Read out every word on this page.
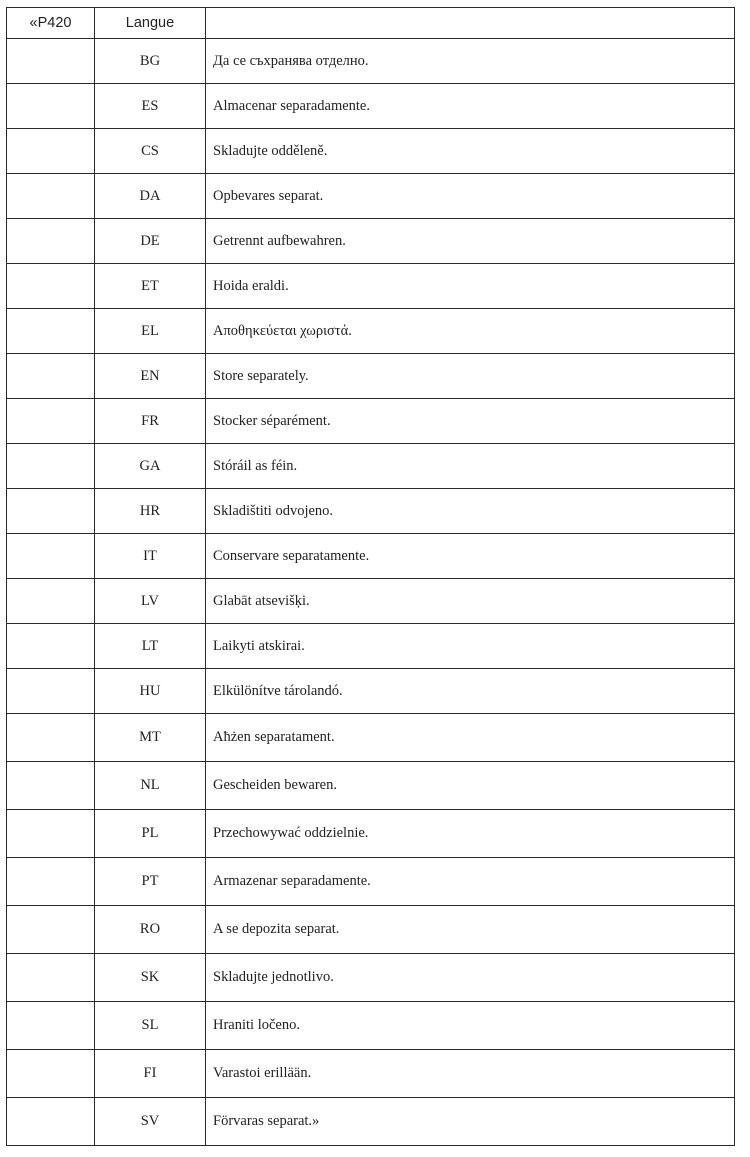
«P420	Langue	
	BG	Да се съхранява отделно.
	ES	Almacenar separadamente.
	CS	Skladujte odděleně.
	DA	Opbevares separat.
	DE	Getrennt aufbewahren.
	ET	Hoida eraldi.
	EL	Αποθηκεύεται χωριστά.
	EN	Store separately.
	FR	Stocker séparément.
	GA	Stóráil as féin.
	HR	Skladištiti odvojeno.
	IT	Conservare separatamente.
	LV	Glabāt atsevišķi.
	LT	Laikyti atskirai.
	HU	Elkülönítve tárolandó.
	MT	Aħżen separatament.
	NL	Gescheiden bewaren.
	PL	Przechowywać oddzielnie.
	PT	Armazenar separadamente.
	RO	A se depozita separat.
	SK	Skladujte jednotlivo.
	SL	Hraniti ločeno.
	FI	Varastoi erillään.
	SV	Förvaras separat.»
